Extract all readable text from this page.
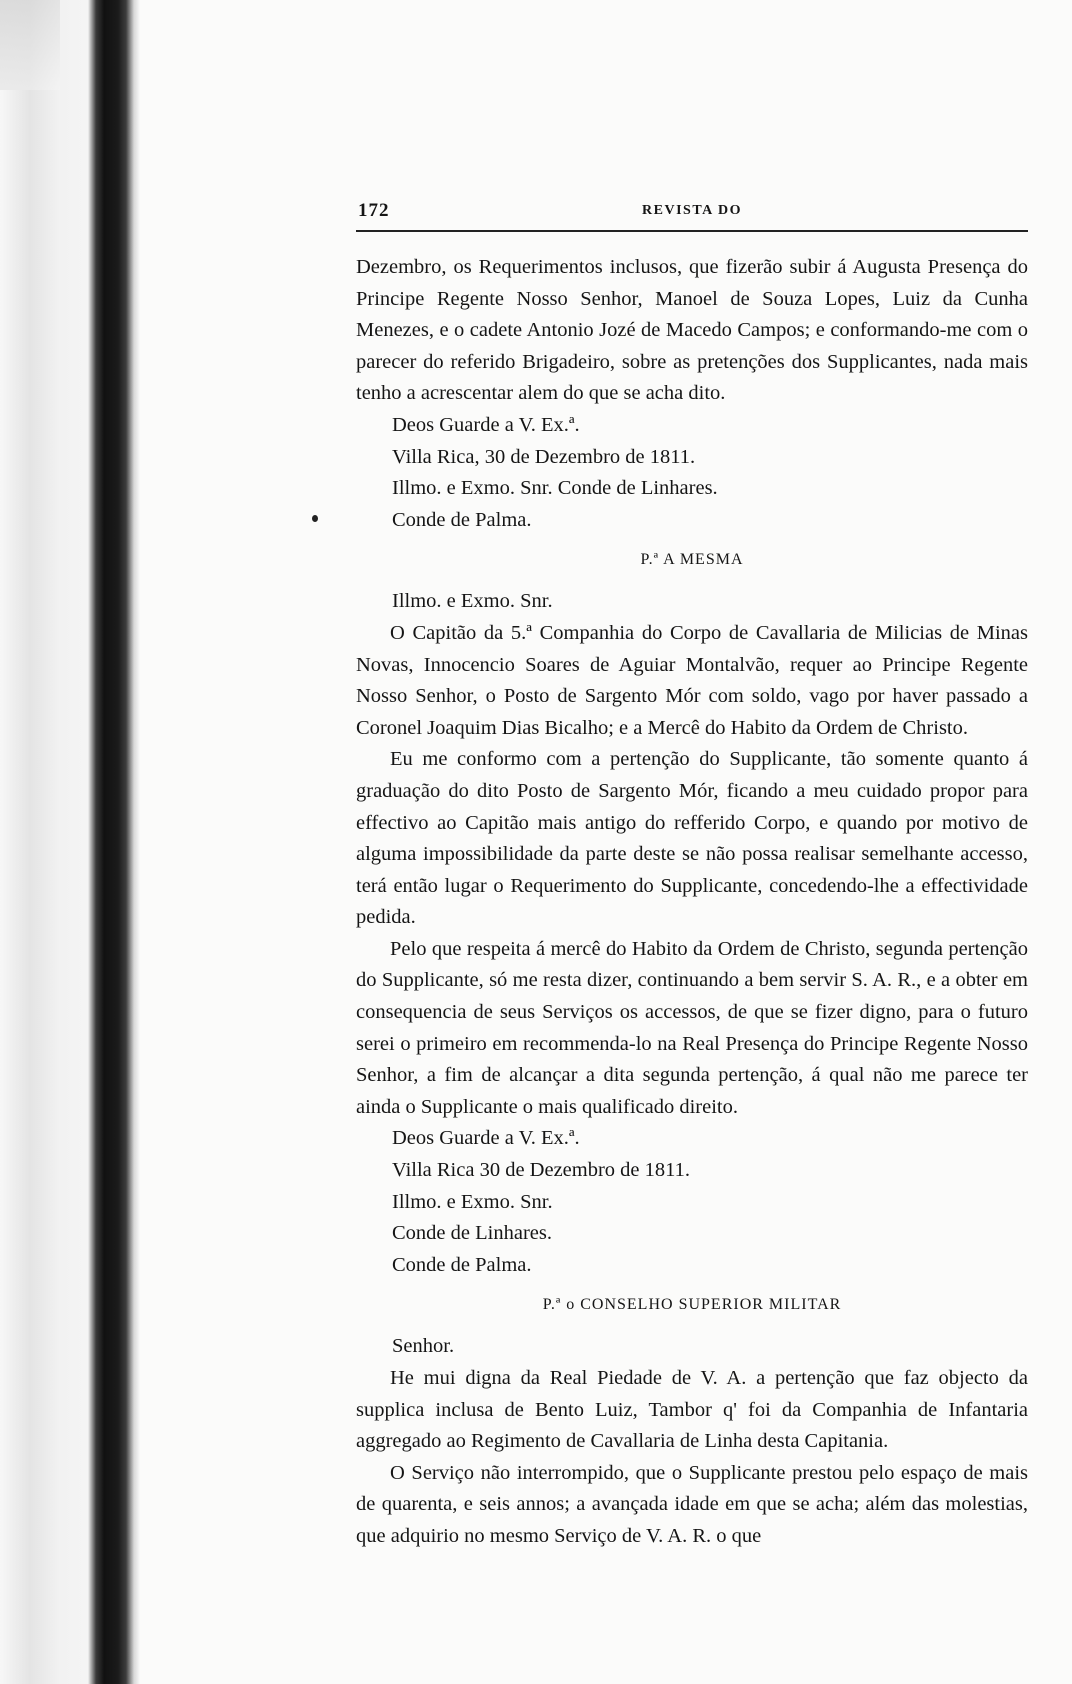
172	REVISTA DO

Dezembro, os Requerimentos inclusos, que fizerão subir á Augusta Presença do Principe Regente Nosso Senhor, Manoel de Souza Lopes, Luiz da Cunha Menezes, e o cadete Antonio Jozé de Macedo Campos; e conformando-me com o parecer do referido Brigadeiro, sobre as pretenções dos Supplicantes, nada mais tenho a acrescentar alem do que se acha dito.

Deos Guarde a V. Ex.ª.
Villa Rica, 30 de Dezembro de 1811.
Illmo. e Exmo. Snr. Conde de Linhares.
Conde de Palma.
P.ª A MESMA
Illmo. e Exmo. Snr.

O Capitão da 5.ª Companhia do Corpo de Cavallaria de Milicias de Minas Novas, Innocencio Soares de Aguiar Montalvão, requer ao Principe Regente Nosso Senhor, o Posto de Sargento Mór com soldo, vago por haver passado a Coronel Joaquim Dias Bicalho; e a Mercê do Habito da Ordem de Christo.

Eu me conformo com a pertenção do Supplicante, tão somente quanto á graduação do dito Posto de Sargento Mór, ficando a meu cuidado propor para effectivo ao Capitão mais antigo do refferido Corpo, e quando por motivo de alguma impossibilidade da parte deste se não possa realisar semelhante accesso, terá então lugar o Requerimento do Supplicante, concedendo-lhe a effectividade pedida.

Pelo que respeita á mercê do Habito da Ordem de Christo, segunda pertenção do Supplicante, só me resta dizer, continuando a bem servir S. A. R., e a obter em consequencia de seus Serviços os accessos, de que se fizer digno, para o futuro serei o primeiro em recommenda-lo na Real Presença do Principe Regente Nosso Senhor, a fim de alcançar a dita segunda pertenção, á qual não me parece ter ainda o Supplicante o mais qualificado direito.

Deos Guarde a V. Ex.ª.
Villa Rica 30 de Dezembro de 1811.
Illmo. e Exmo. Snr.
Conde de Linhares.
Conde de Palma.
P.ª o CONSELHO SUPERIOR MILITAR
Senhor.

He mui digna da Real Piedade de V. A. a pertenção que faz objecto da supplica inclusa de Bento Luiz, Tambor q' foi da Companhia de Infantaria aggregado ao Regimento de Cavallaria de Linha desta Capitania.

O Serviço não interrompido, que o Supplicante prestou pelo espaço de mais de quarenta, e seis annos; a avançada idade em que se acha; além das molestias, que adquirio no mesmo Serviço de V. A. R. o que
